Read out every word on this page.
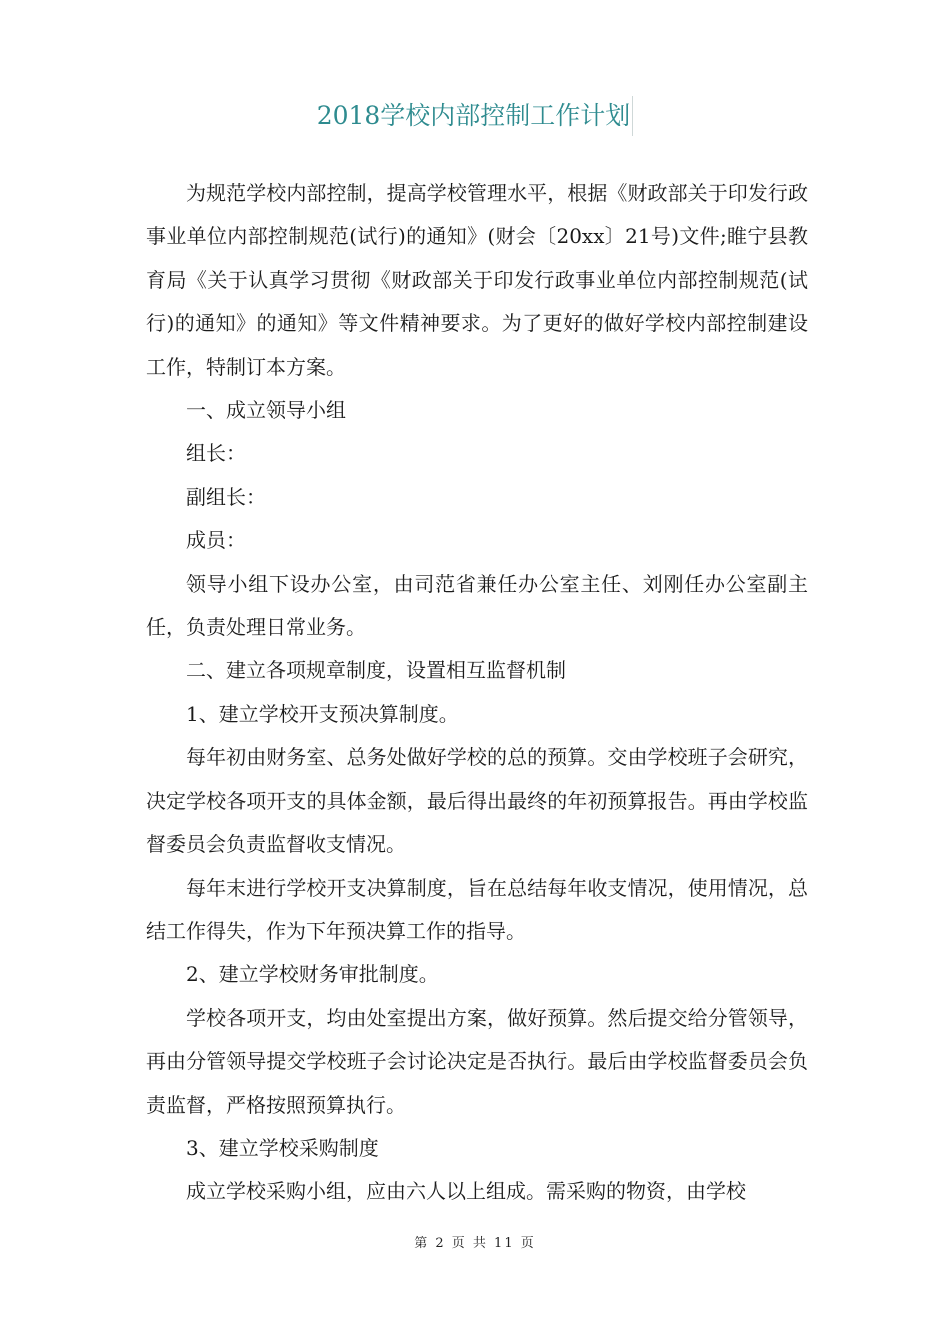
2018学校内部控制工作计划

为规范学校内部控制，提高学校管理水平，根据《财政部关于印发行政事业单位内部控制规范(试行)的通知》(财会〔20xx〕21号)文件;睢宁县教育局《关于认真学习贯彻《财政部关于印发行政事业单位内部控制规范(试行)的通知》的通知》等文件精神要求。为了更好的做好学校内部控制建设工作，特制订本方案。

一、成立领导小组

组长：

副组长：

成员：

领导小组下设办公室，由司范省兼任办公室主任、刘刚任办公室副主任，负责处理日常业务。

二、建立各项规章制度，设置相互监督机制

1、建立学校开支预决算制度。

每年初由财务室、总务处做好学校的总的预算。交由学校班子会研究，决定学校各项开支的具体金额，最后得出最终的年初预算报告。再由学校监督委员会负责监督收支情况。

每年末进行学校开支决算制度，旨在总结每年收支情况，使用情况，总结工作得失，作为下年预决算工作的指导。

2、建立学校财务审批制度。

学校各项开支，均由处室提出方案，做好预算。然后提交给分管领导，再由分管领导提交学校班子会讨论决定是否执行。最后由学校监督委员会负责监督，严格按照预算执行。

3、建立学校采购制度

成立学校采购小组，应由六人以上组成。需采购的物资，由学校

第 2 页 共 11 页
